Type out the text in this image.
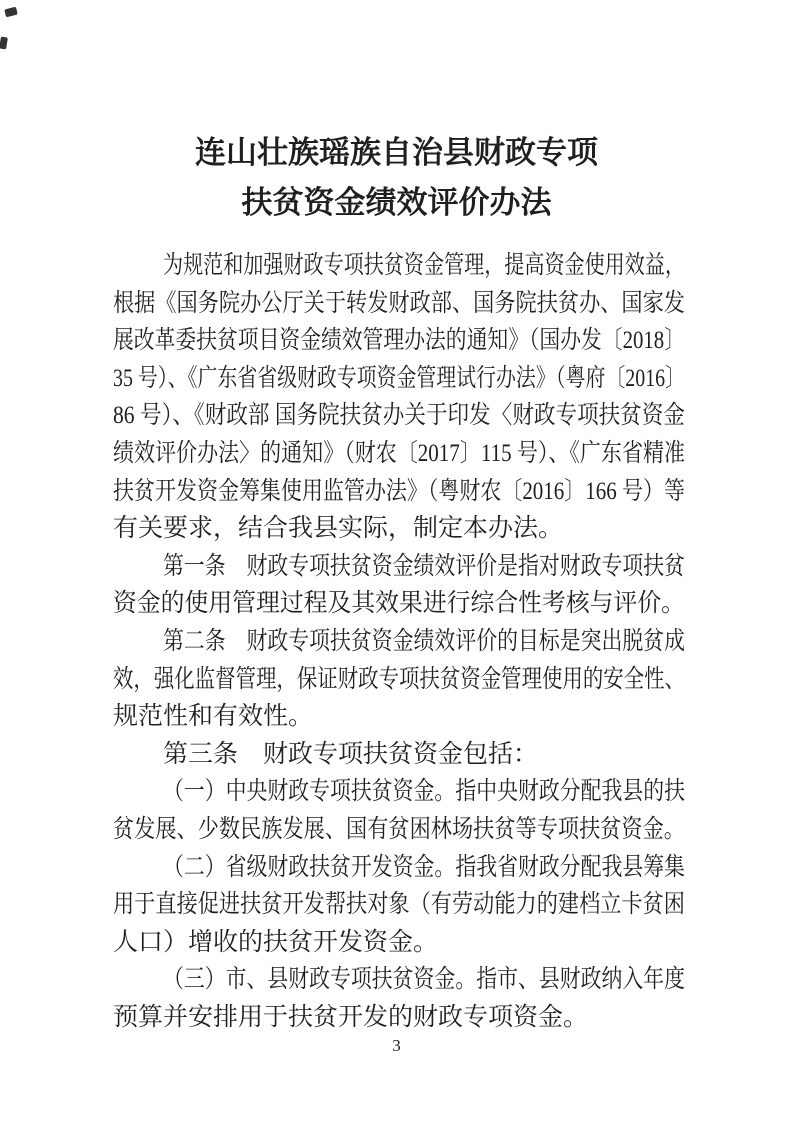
连山壮族瑶族自治县财政专项
扶贫资金绩效评价办法
为规范和加强财政专项扶贫资金管理，提高资金使用效益，
根据《国务院办公厅关于转发财政部、国务院扶贫办、国家发
展改革委扶贫项目资金绩效管理办法的通知》（国办发〔2018〕
35 号）、《广东省省级财政专项资金管理试行办法》（粤府〔2016〕
86 号）、《财政部 国务院扶贫办关于印发〈财政专项扶贫资金
绩效评价办法〉的通知》（财农〔2017〕115 号）、《广东省精准
扶贫开发资金筹集使用监管办法》（粤财农〔2016〕166 号）等
有关要求，结合我县实际，制定本办法。
第一条　财政专项扶贫资金绩效评价是指对财政专项扶贫
资金的使用管理过程及其效果进行综合性考核与评价。
第二条　财政专项扶贫资金绩效评价的目标是突出脱贫成
效，强化监督管理，保证财政专项扶贫资金管理使用的安全性、
规范性和有效性。
第三条　财政专项扶贫资金包括：
（一）中央财政专项扶贫资金。指中央财政分配我县的扶
贫发展、少数民族发展、国有贫困林场扶贫等专项扶贫资金。
（二）省级财政扶贫开发资金。指我省财政分配我县筹集
用于直接促进扶贫开发帮扶对象（有劳动能力的建档立卡贫困
人口）增收的扶贫开发资金。
（三）市、县财政专项扶贫资金。指市、县财政纳入年度
预算并安排用于扶贫开发的财政专项资金。
3
